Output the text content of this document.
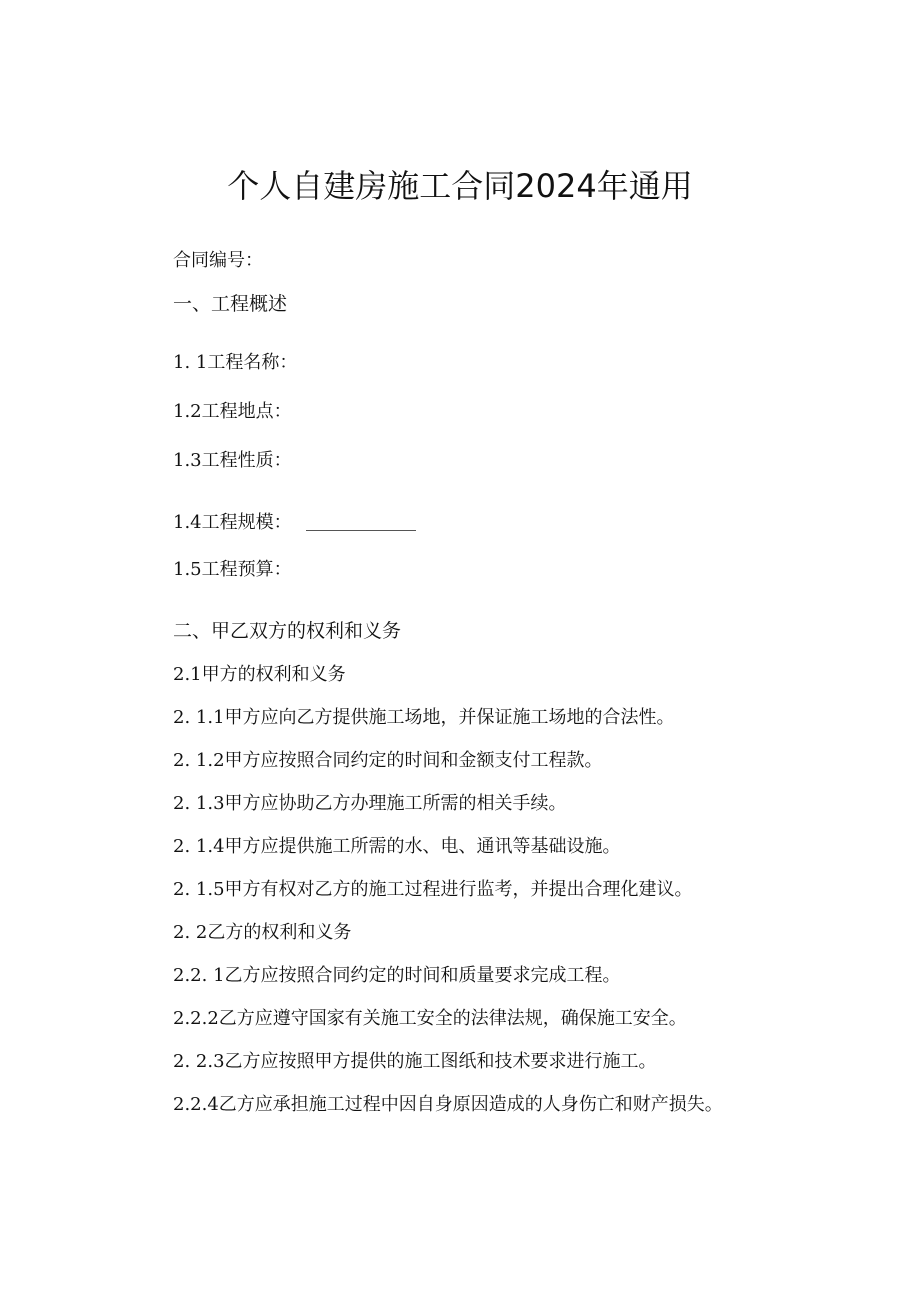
个人自建房施工合同2024年通用
合同编号：
一、工程概述
1. 1工程名称：
1.2工程地点：
1.3工程性质：
1.4工程规模：
1.5工程预算：
二、甲乙双方的权利和义务
2.1甲方的权利和义务
2. 1.1甲方应向乙方提供施工场地，并保证施工场地的合法性。
2. 1.2甲方应按照合同约定的时间和金额支付工程款。
2. 1.3甲方应协助乙方办理施工所需的相关手续。
2. 1.4甲方应提供施工所需的水、电、通讯等基础设施。
2. 1.5甲方有权对乙方的施工过程进行监考，并提出合理化建议。
2. 2乙方的权利和义务
2.2. 1乙方应按照合同约定的时间和质量要求完成工程。
2.2.2乙方应遵守国家有关施工安全的法律法规，确保施工安全。
2. 2.3乙方应按照甲方提供的施工图纸和技术要求进行施工。
2.2.4乙方应承担施工过程中因自身原因造成的人身伤亡和财产损失。
